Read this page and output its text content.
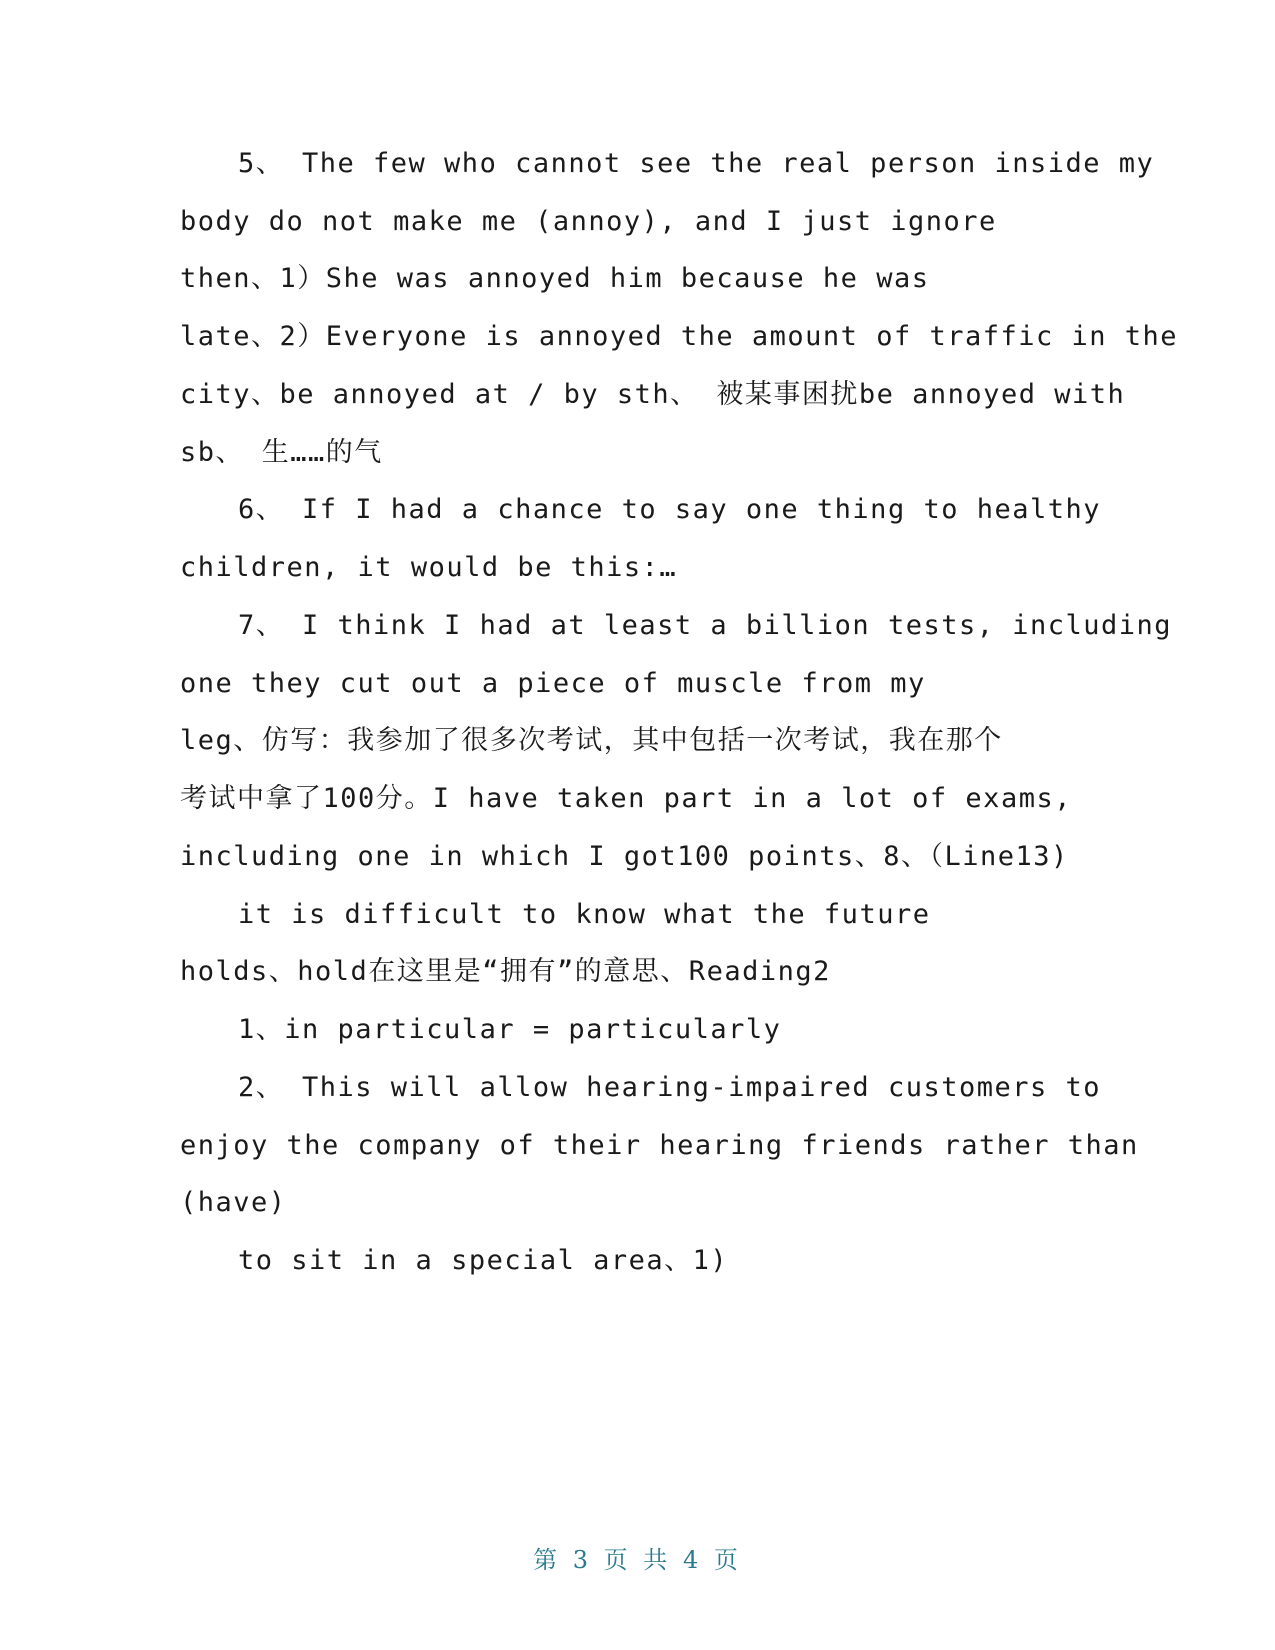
5、 The few who cannot see the real person inside my
body do not make me (annoy), and I just ignore
then、1）She was annoyed him because he was
late、2）Everyone is annoyed the amount of traffic in the
city、be annoyed at / by sth、 被某事困扰be annoyed with
sb、 生……的气
6、 If I had a chance to say one thing to healthy
children, it would be this:…
7、 I think I had at least a billion tests, including
one they cut out a piece of muscle from my
leg、仿写：我参加了很多次考试，其中包括一次考试，我在那个
考试中拿了100分。I have taken part in a lot of exams,
including one in which I got100 points、8、（Line13)
it is difficult to know what the future
holds、hold在这里是“拥有”的意思、Reading2
1、in particular = particularly
2、 This will allow hearing-impaired customers to
enjoy the company of their hearing friends rather than
(have)
to sit in a special area、1)
第 3 页 共 4 页
